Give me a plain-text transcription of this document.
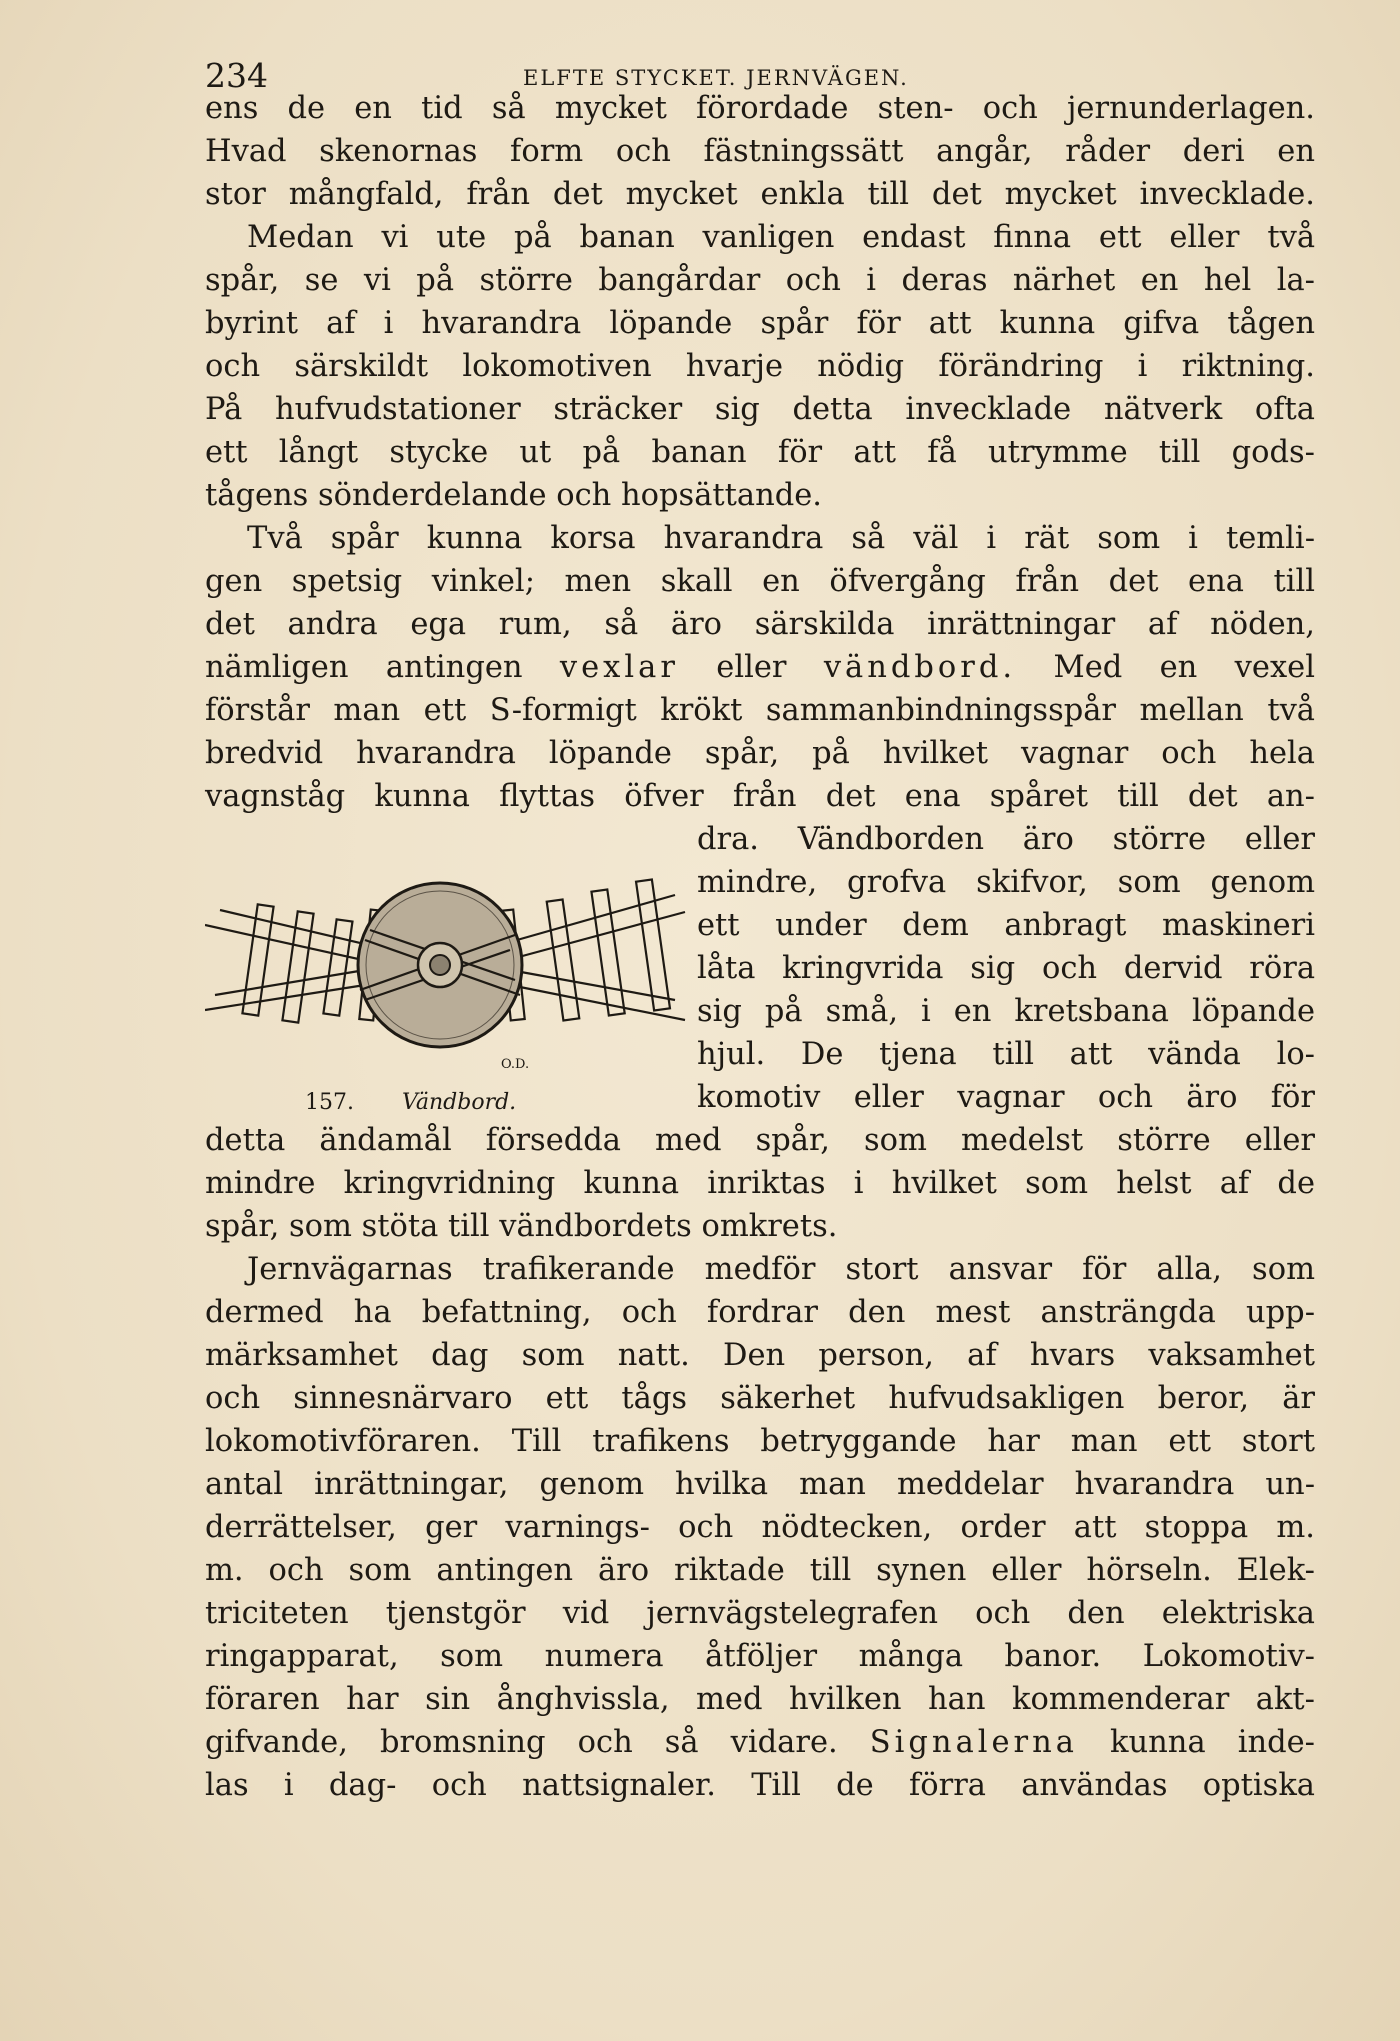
234	ELFTE STYCKET. JERNVÄGEN.
ens de en tid så mycket förordade sten- och jernunderlagen.
Hvad skenornas form och fästningssätt angår, råder deri en
stor mångfald, från det mycket enkla till det mycket invecklade.
Medan vi ute på banan vanligen endast finna ett eller två
spår, se vi på större bangårdar och i deras närhet en hel la-
byrint af i hvarandra löpande spår för att kunna gifva tågen
och särskildt lokomotiven hvarje nödig förändring i riktning.
På hufvudstationer sträcker sig detta invecklade nätverk ofta
ett långt stycke ut på banan för att få utrymme till gods-
tågens sönderdelande och hopsättande.
Två spår kunna korsa hvarandra så väl i rät som i temli-
gen spetsig vinkel; men skall en öfvergång från det ena till
det andra ega rum, så äro särskilda inrättningar af nöden,
nämligen antingen vexlar eller vändbord. Med en vexel
förstår man ett S-formigt krökt sammanbindningsspår mellan två
bredvid hvarandra löpande spår, på hvilket vagnar och hela
vagnståg kunna flyttas öfver från det ena spåret till det an-
dra. Vändborden äro större eller
mindre, grofva skifvor, som genom
ett under dem anbragt maskineri
låta kringvrida sig och dervid röra
sig på små, i en kretsbana löpande
hjul. De tjena till att vända lo-
komotiv eller vagnar och äro för
O.D.
157. Vändbord.
detta ändamål försedda med spår, som medelst större eller
mindre kringvridning kunna inriktas i hvilket som helst af de
spår, som stöta till vändbordets omkrets.
Jernvägarnas trafikerande medför stort ansvar för alla, som
dermed ha befattning, och fordrar den mest ansträngda upp-
märksamhet dag som natt. Den person, af hvars vaksamhet
och sinnesnärvaro ett tågs säkerhet hufvudsakligen beror, är
lokomotivföraren. Till trafikens betryggande har man ett stort
antal inrättningar, genom hvilka man meddelar hvarandra un-
derrättelser, ger varnings- och nödtecken, order att stoppa m.
m. och som antingen äro riktade till synen eller hörseln. Elek-
triciteten tjenstgör vid jernvägstelegrafen och den elektriska
ringapparat, som numera åtföljer många banor. Lokomotiv-
föraren har sin ånghvissla, med hvilken han kommenderar akt-
gifvande, bromsning och så vidare. Signalerna kunna inde-
las i dag- och nattsignaler. Till de förra användas optiska
